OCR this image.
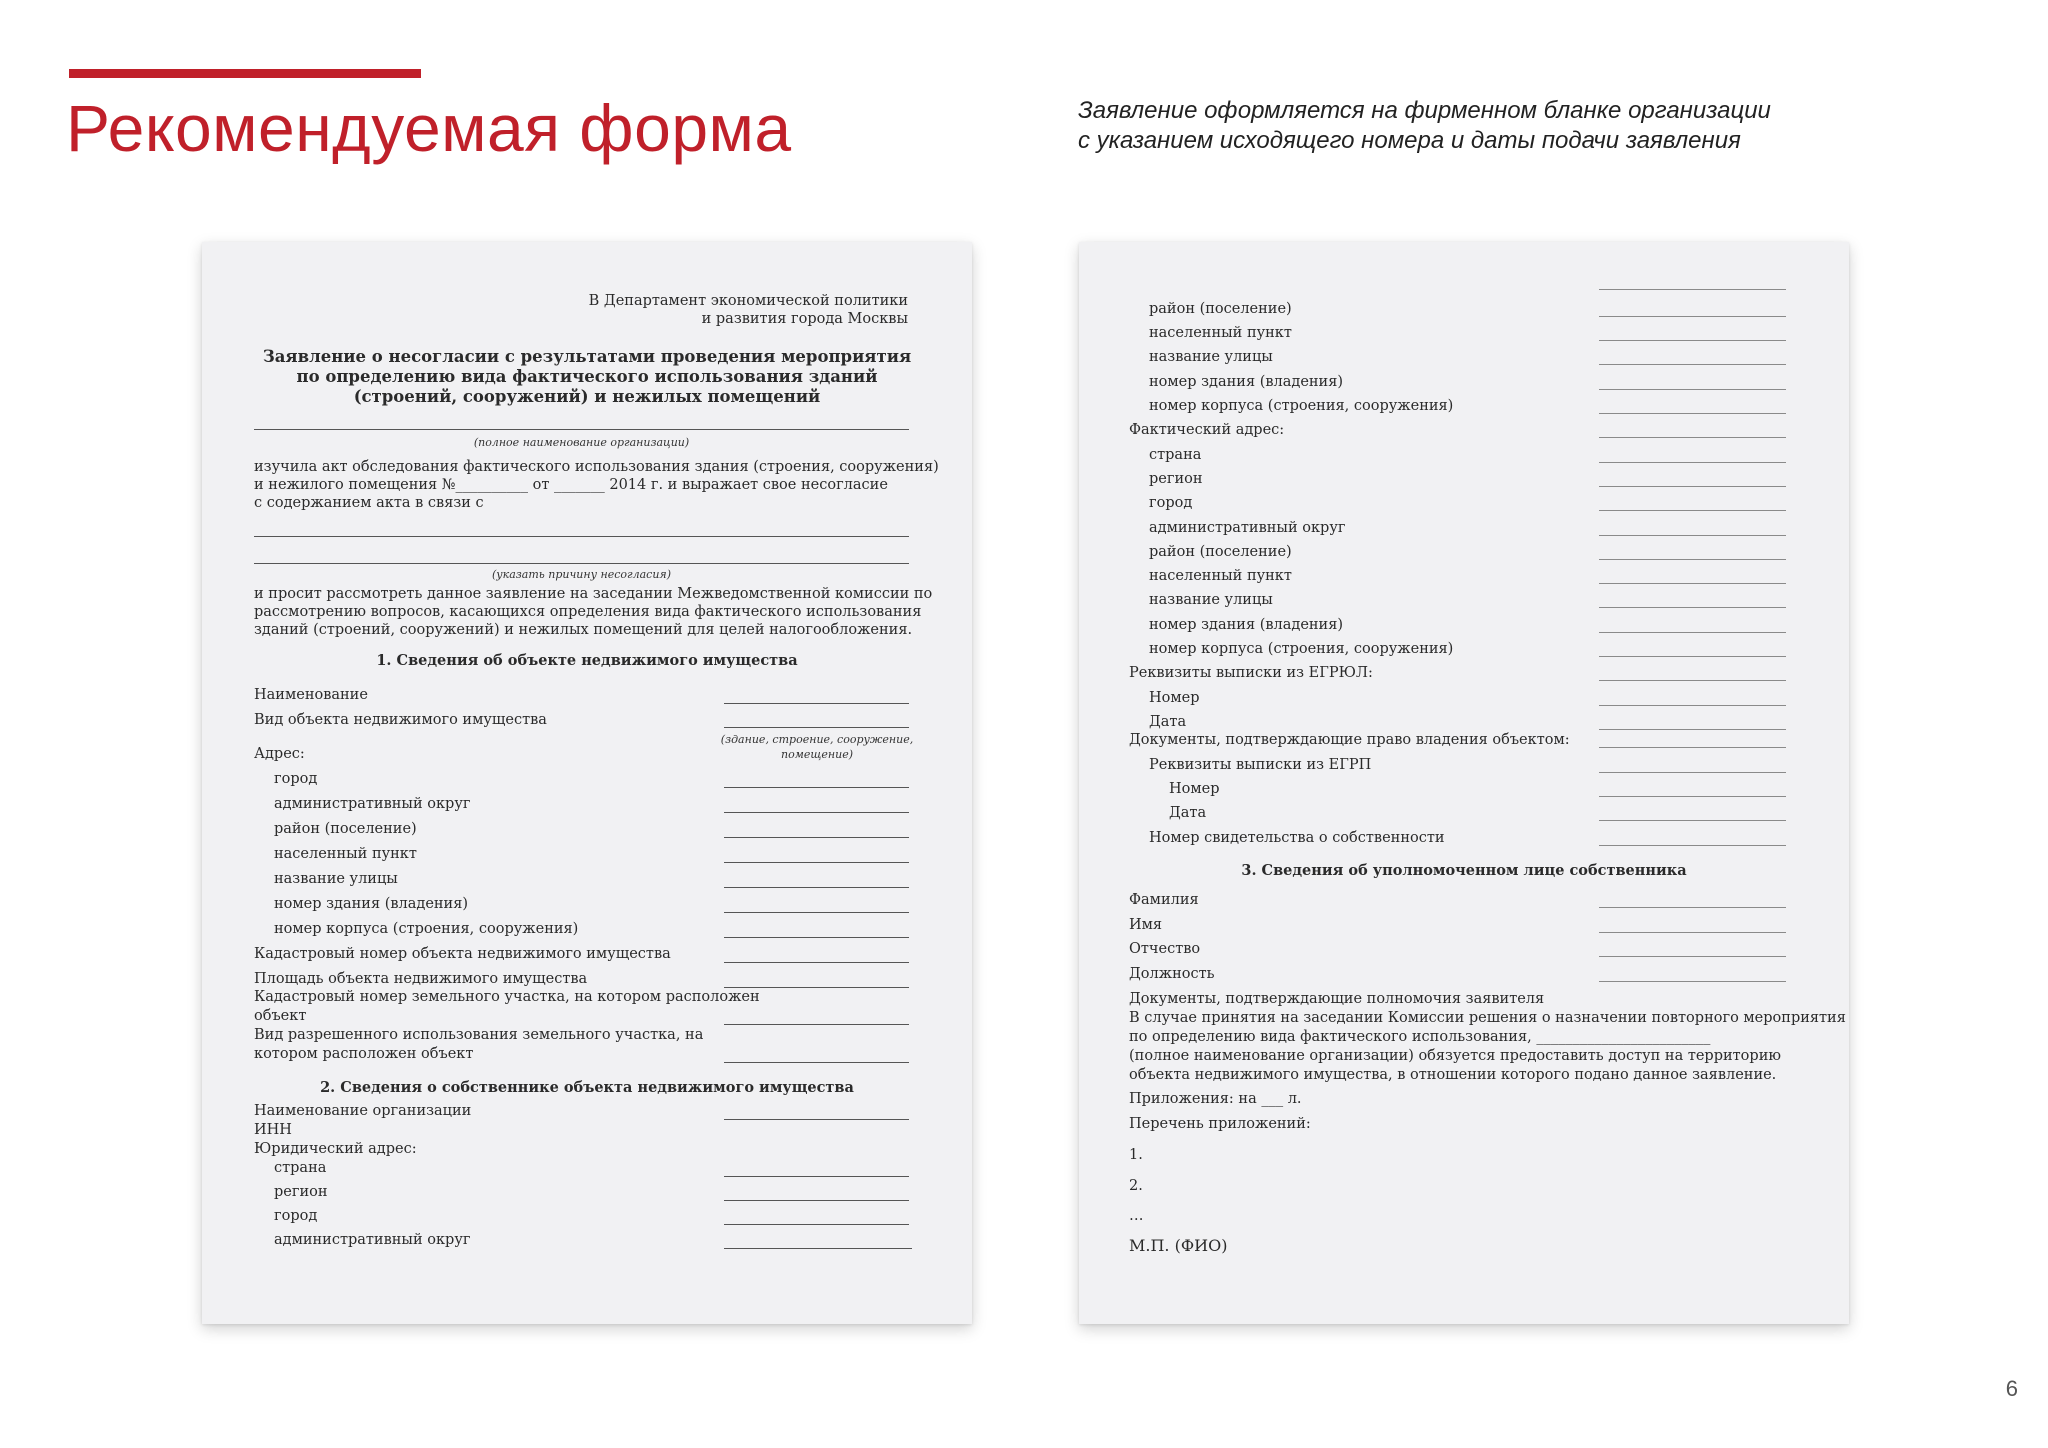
Рекомендуемая форма	Заявление оформляется на фирменном бланке организации
с указанием исходящего номера и даты подачи заявления
6
В Департамент экономической политики
и развития города Москвы
Заявление о несогласии с результатами проведения мероприятия
по определению вида фактического использования зданий
(строений, сооружений) и нежилых помещений
(полное наименование организации)
изучила акт обследования фактического использования здания (строения, сооружения)
и нежилого помещения №__________ от _______ 2014 г. и выражает свое несогласие
с содержанием акта в связи с
(указать причину несогласия)
и просит рассмотреть данное заявление на заседании Межведомственной комиссии по
рассмотрению вопросов, касающихся определения вида фактического использования
зданий (строений, сооружений) и нежилых помещений для целей налогообложения.
1. Сведения об объекте недвижимого имущества
Наименование
Вид объекта недвижимого имущества
(здание, строение, сооружение,
помещение)
Адрес:
город
административный округ
район (поселение)
населенный пункт
название улицы
номер здания (владения)
номер корпуса (строения, сооружения)
Кадастровый номер объекта недвижимого имущества
Площадь объекта недвижимого имущества
Кадастровый номер земельного участка, на котором расположен
объект
Вид разрешенного использования земельного участка, на
котором расположен объект
2. Сведения о собственнике объекта недвижимого имущества
Наименование организации
ИНН
Юридический адрес:
страна
регион
город
административный округ
район (поселение)
населенный пункт
название улицы
номер здания (владения)
номер корпуса (строения, сооружения)
Фактический адрес:
страна
регион
город
административный округ
район (поселение)
населенный пункт
название улицы
номер здания (владения)
номер корпуса (строения, сооружения)
Реквизиты выписки из ЕГРЮЛ:
Номер
Дата
Документы, подтверждающие право владения объектом:
Реквизиты выписки из ЕГРП
Номер
Дата
Номер свидетельства о собственности
3. Сведения об уполномоченном лице собственника
Фамилия
Имя
Отчество
Должность
Документы, подтверждающие полномочия заявителя
В случае принятия на заседании Комиссии решения о назначении повторного мероприятия
по определению вида фактического использования, ________________________
(полное наименование организации) обязуется предоставить доступ на территорию
объекта недвижимого имущества, в отношении которого подано данное заявление.
Приложения: на ___ л.
Перечень приложений:
1.
2.
…
М.П. (ФИО)
